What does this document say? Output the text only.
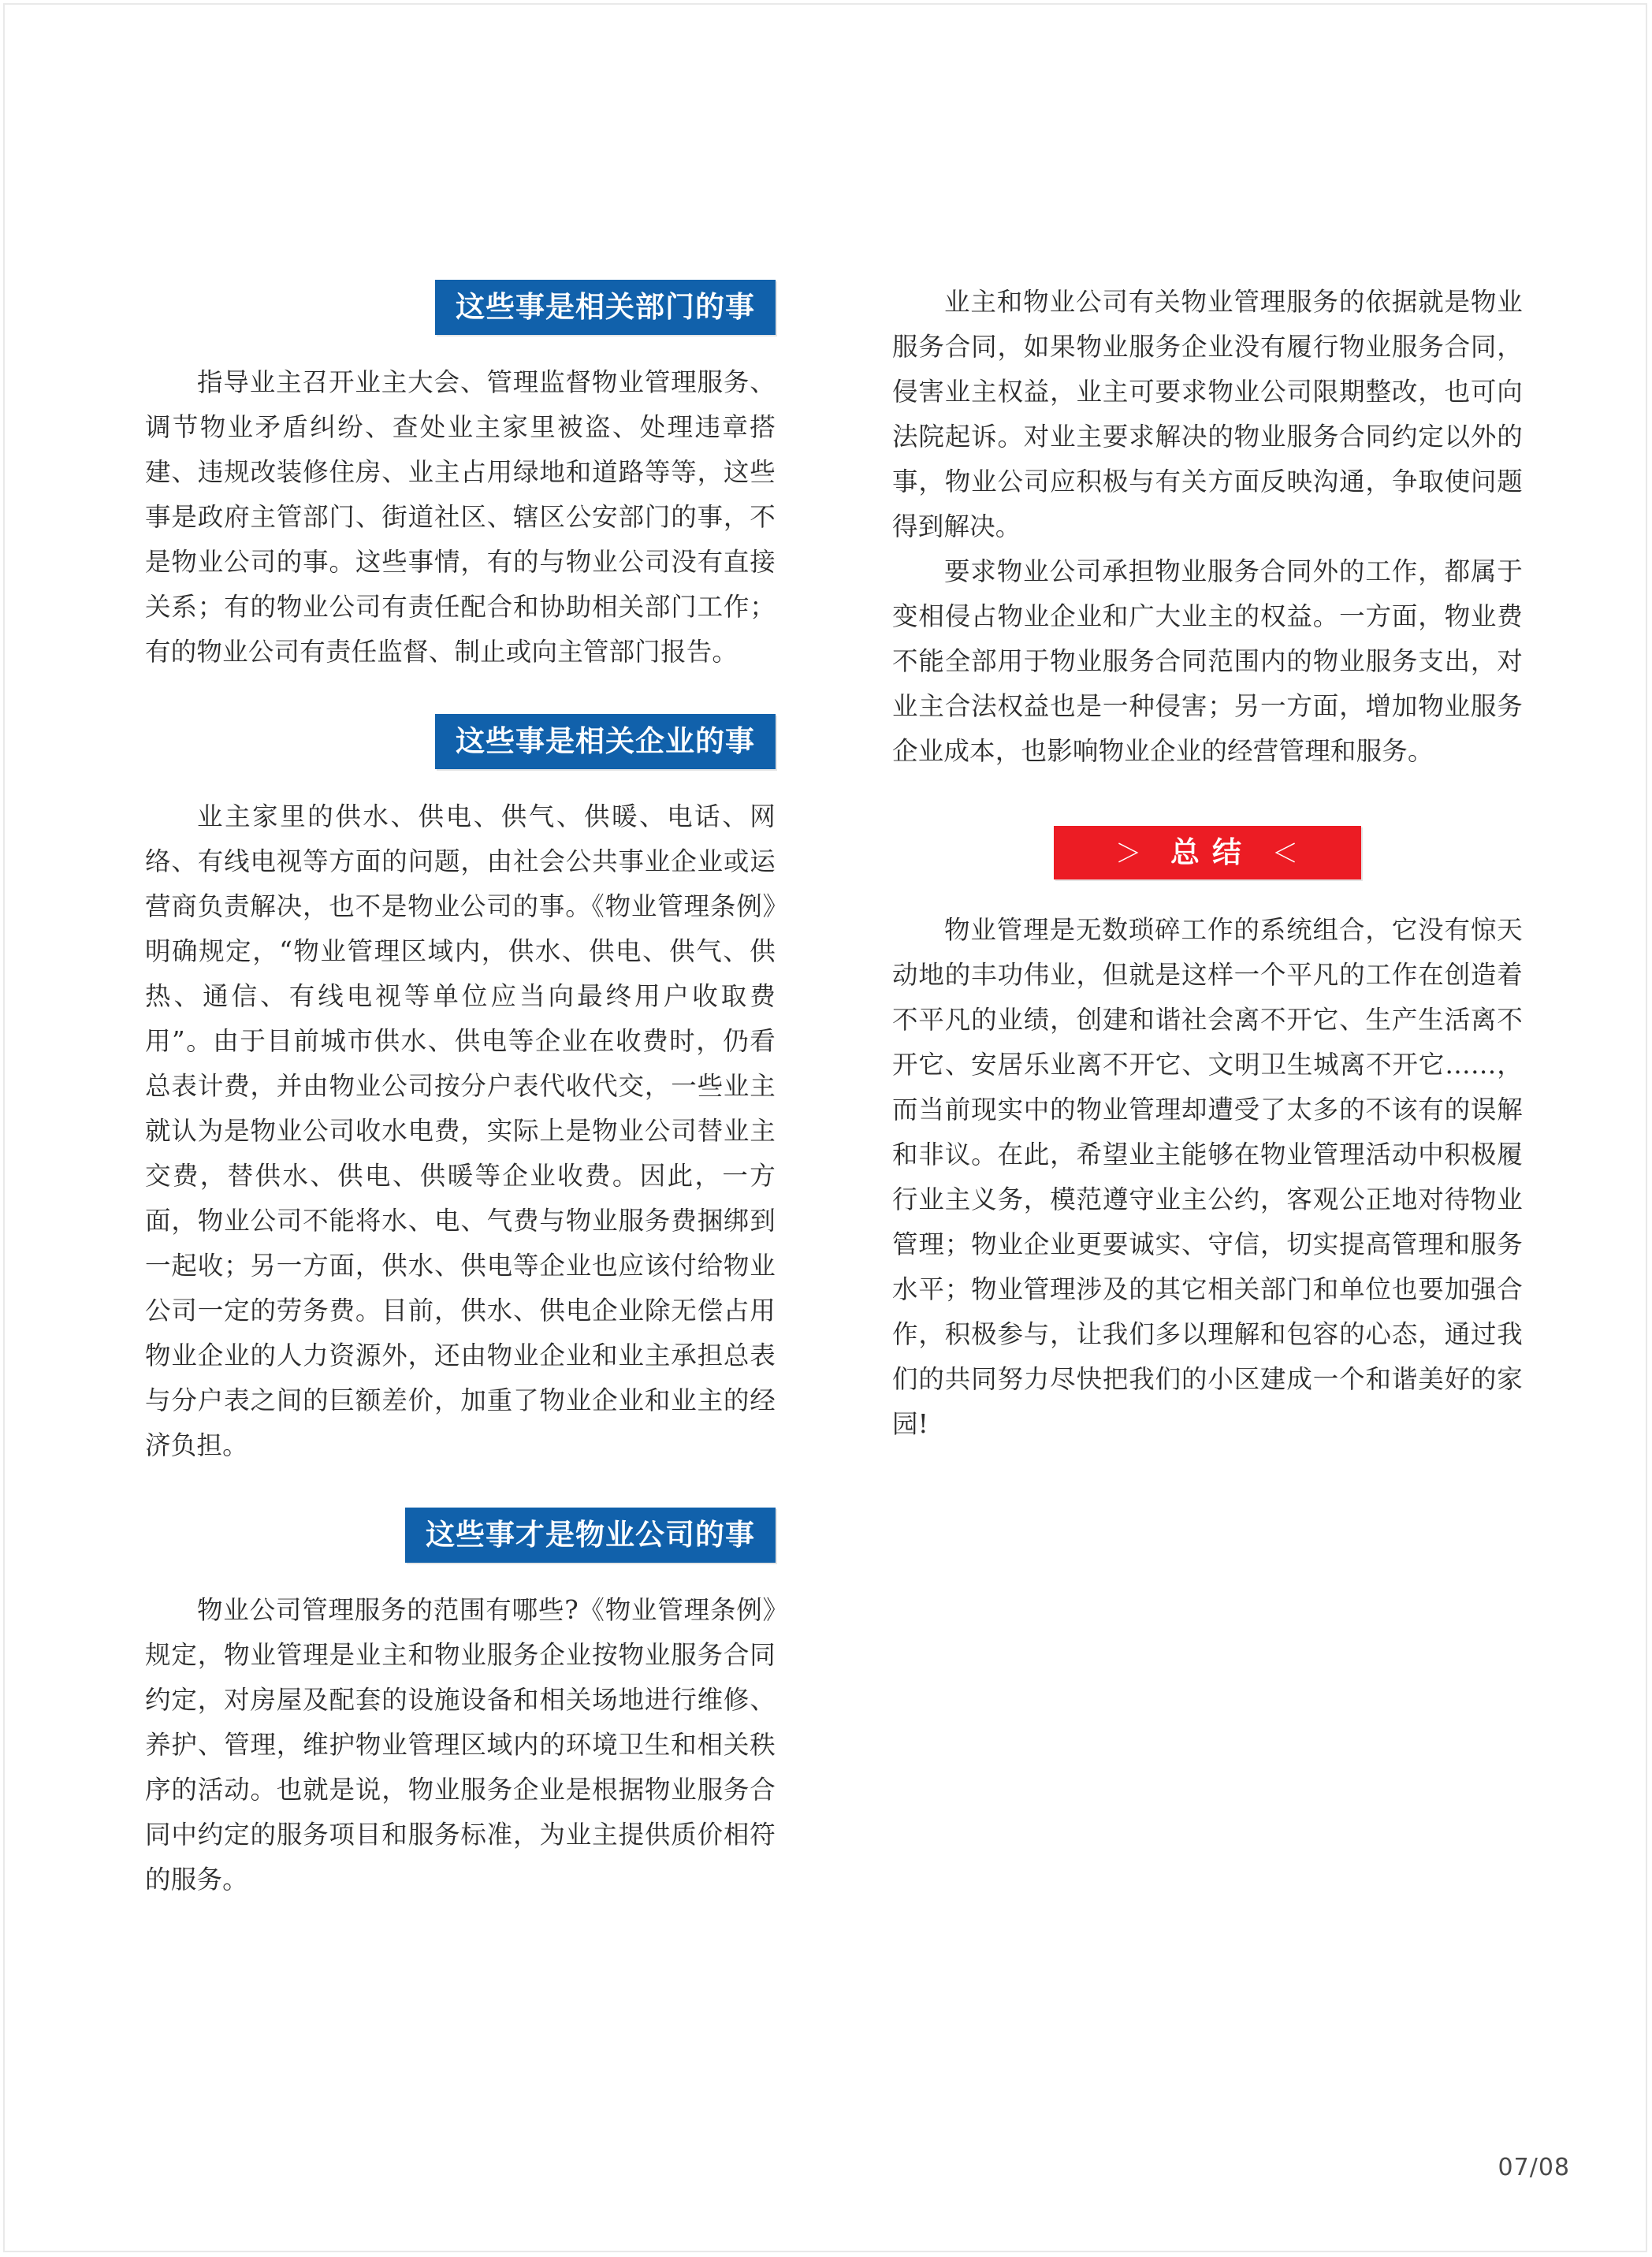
这些事是相关部门的事

指导业主召开业主大会、管理监督物业管理服务、调节物业矛盾纠纷、查处业主家里被盗、处理违章搭建、违规改装修住房、业主占用绿地和道路等等，这些事是政府主管部门、街道社区、辖区公安部门的事，不是物业公司的事。这些事情，有的与物业公司没有直接关系；有的物业公司有责任配合和协助相关部门工作；有的物业公司有责任监督、制止或向主管部门报告。

这些事是相关企业的事

业主家里的供水、供电、供气、供暖、电话、网络、有线电视等方面的问题，由社会公共事业企业或运营商负责解决，也不是物业公司的事。《物业管理条例》明确规定，“物业管理区域内，供水、供电、供气、供热、通信、有线电视等单位应当向最终用户收取费用”。由于目前城市供水、供电等企业在收费时，仍看总表计费，并由物业公司按分户表代收代交，一些业主就认为是物业公司收水电费，实际上是物业公司替业主交费，替供水、供电、供暖等企业收费。因此，一方面，物业公司不能将水、电、气费与物业服务费捆绑到一起收；另一方面，供水、供电等企业也应该付给物业公司一定的劳务费。目前，供水、供电企业除无偿占用物业企业的人力资源外，还由物业企业和业主承担总表与分户表之间的巨额差价，加重了物业企业和业主的经济负担。

这些事才是物业公司的事

物业公司管理服务的范围有哪些?《物业管理条例》规定，物业管理是业主和物业服务企业按物业服务合同约定，对房屋及配套的设施设备和相关场地进行维修、养护、管理，维护物业管理区域内的环境卫生和相关秩序的活动。也就是说，物业服务企业是根据物业服务合同中约定的服务项目和服务标准，为业主提供质价相符的服务。

业主和物业公司有关物业管理服务的依据就是物业服务合同，如果物业服务企业没有履行物业服务合同，侵害业主权益，业主可要求物业公司限期整改，也可向法院起诉。对业主要求解决的物业服务合同约定以外的事，物业公司应积极与有关方面反映沟通，争取使问题得到解决。

要求物业公司承担物业服务合同外的工作，都属于变相侵占物业企业和广大业主的权益。一方面，物业费不能全部用于物业服务合同范围内的物业服务支出，对业主合法权益也是一种侵害；另一方面，增加物业服务企业成本，也影响物业企业的经营管理和服务。

＞ 总结 ＜

物业管理是无数琐碎工作的系统组合，它没有惊天动地的丰功伟业，但就是这样一个平凡的工作在创造着不平凡的业绩，创建和谐社会离不开它、生产生活离不开它、安居乐业离不开它、文明卫生城离不开它……，而当前现实中的物业管理却遭受了太多的不该有的误解和非议。在此，希望业主能够在物业管理活动中积极履行业主义务，模范遵守业主公约，客观公正地对待物业管理；物业企业更要诚实、守信，切实提高管理和服务水平；物业管理涉及的其它相关部门和单位也要加强合作，积极参与，让我们多以理解和包容的心态，通过我们的共同努力尽快把我们的小区建成一个和谐美好的家园!

07/08
